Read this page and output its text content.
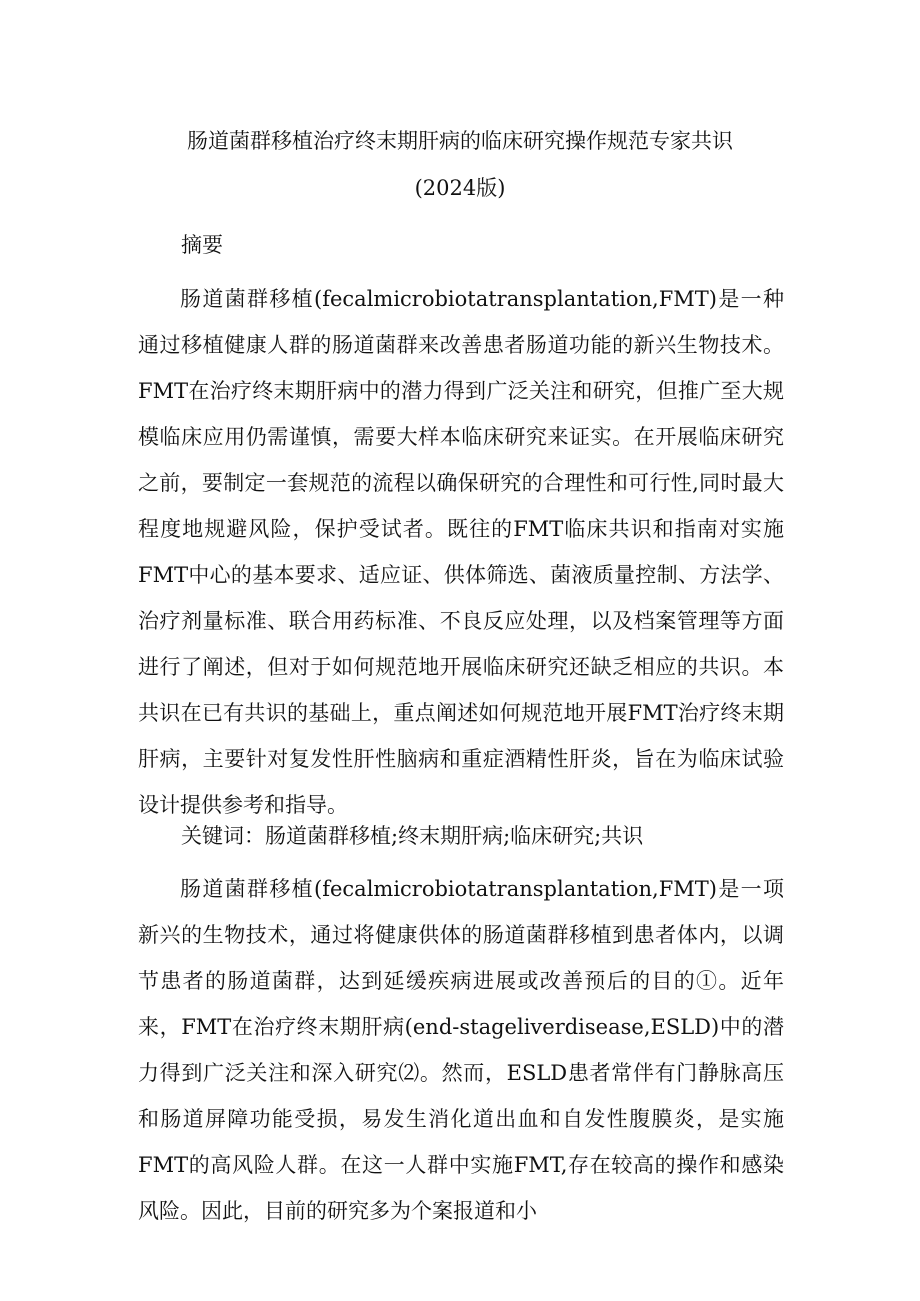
肠道菌群移植治疗终末期肝病的临床研究操作规范专家共识
(2024版)
摘要
肠道菌群移植(fecalmicrobiotatransplantation,FMT)是一种通过移植健康人群的肠道菌群来改善患者肠道功能的新兴生物技术。FMT在治疗终末期肝病中的潜力得到广泛关注和研究，但推广至大规模临床应用仍需谨慎，需要大样本临床研究来证实。在开展临床研究之前，要制定一套规范的流程以确保研究的合理性和可行性,同时最大程度地规避风险，保护受试者。既往的FMT临床共识和指南对实施FMT中心的基本要求、适应证、供体筛选、菌液质量控制、方法学、治疗剂量标准、联合用药标准、不良反应处理，以及档案管理等方面进行了阐述，但对于如何规范地开展临床研究还缺乏相应的共识。本共识在已有共识的基础上，重点阐述如何规范地开展FMT治疗终末期肝病，主要针对复发性肝性脑病和重症酒精性肝炎，旨在为临床试验设计提供参考和指导。
关键词：肠道菌群移植;终末期肝病;临床研究;共识
肠道菌群移植(fecalmicrobiotatransplantation,FMT)是一项新兴的生物技术，通过将健康供体的肠道菌群移植到患者体内，以调节患者的肠道菌群，达到延缓疾病进展或改善预后的目的①。近年来，FMT在治疗终末期肝病(end-stageliverdisease,ESLD)中的潜力得到广泛关注和深入研究⑵。然而，ESLD患者常伴有门静脉高压和肠道屏障功能受损，易发生消化道出血和自发性腹膜炎，是实施FMT的高风险人群。在这一人群中实施FMT,存在较高的操作和感染风险。因此，目前的研究多为个案报道和小
